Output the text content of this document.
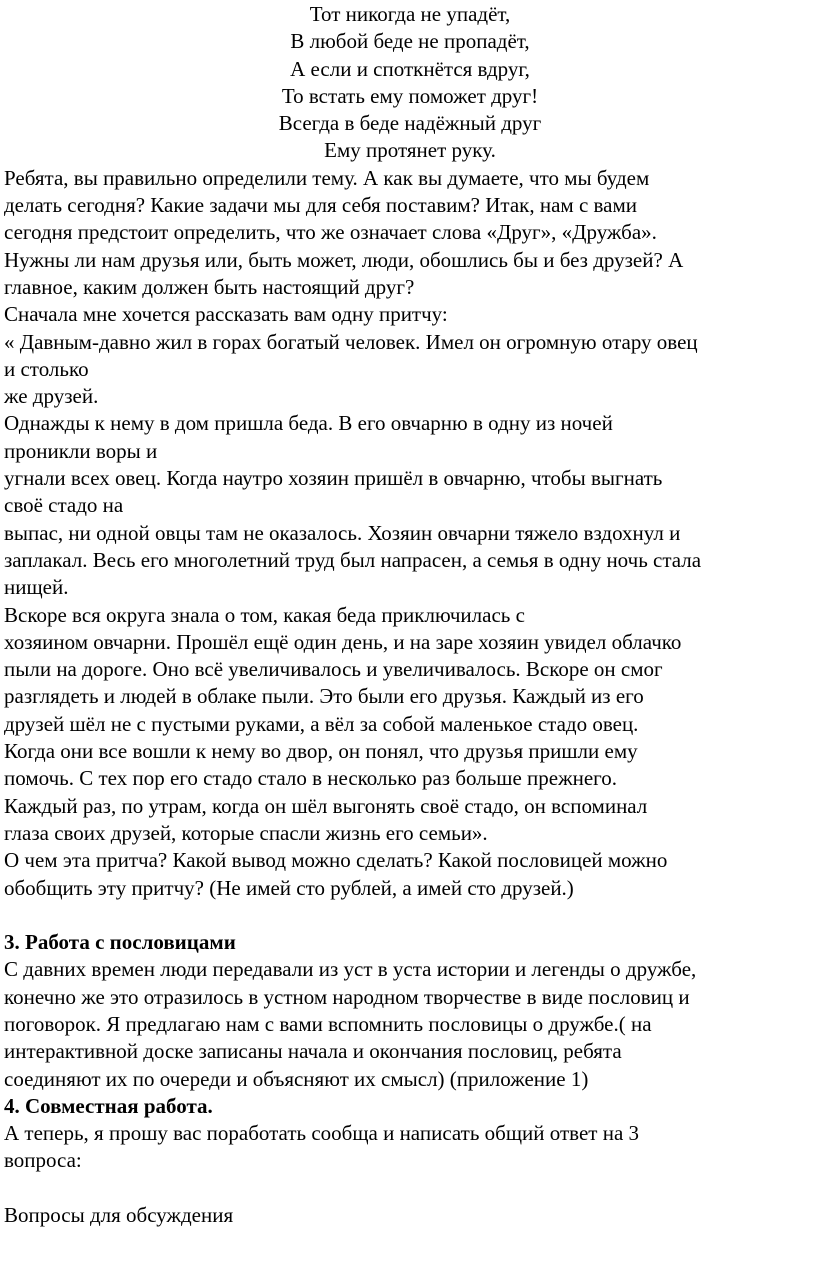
Тот никогда не упадёт,
В любой беде не пропадёт,
А если и споткнётся вдруг,
То встать ему поможет друг!
Всегда в беде надёжный друг
Ему протянет руку.
Ребята, вы правильно определили тему. А как вы думаете, что мы будем
делать сегодня? Какие задачи мы для себя поставим? Итак, нам с вами
сегодня предстоит определить, что же означает слова «Друг», «Дружба».
Нужны ли нам друзья или, быть может, люди, обошлись бы и без друзей? А
главное, каким должен быть настоящий друг?
Сначала мне хочется рассказать вам одну притчу:
« Давным-давно жил в горах богатый человек. Имел он огромную отару овец
и столько
же друзей.
Однажды к нему в дом пришла беда. В его овчарню в одну из ночей
проникли воры и
угнали всех овец. Когда наутро хозяин пришёл в овчарню, чтобы выгнать
своё стадо на
выпас, ни одной овцы там не оказалось. Хозяин овчарни тяжело вздохнул и
заплакал. Весь его многолетний труд был напрасен, а семья в одну ночь стала
нищей.
Вскоре вся округа знала о том, какая беда приключилась с
хозяином овчарни. Прошёл ещё один день, и на заре хозяин увидел облачко
пыли на дороге. Оно всё увеличивалось и увеличивалось. Вскоре он смог
разглядеть и людей в облаке пыли. Это были его друзья. Каждый из его
друзей шёл не с пустыми руками, а вёл за собой маленькое стадо овец.
Когда они все вошли к нему во двор, он понял, что друзья пришли ему
помочь. С тех пор его стадо стало в несколько раз больше прежнего.
Каждый раз, по утрам, когда он шёл выгонять своё стадо, он вспоминал
глаза своих друзей, которые спасли жизнь его семьи».
О чем эта притча? Какой вывод можно сделать? Какой пословицей можно
обобщить эту притчу? (Не имей сто рублей, а имей сто друзей.)
3. Работа с пословицами
С давних времен люди передавали из уст в уста истории и легенды о дружбе,
конечно же это отразилось в устном народном творчестве в виде пословиц и
поговорок. Я предлагаю нам с вами вспомнить пословицы о дружбе.( на
интерактивной доске записаны начала и окончания пословиц, ребята
соединяют их по очереди и объясняют их смысл) (приложение 1)
4. Совместная работа.
А теперь, я прошу вас поработать сообща и написать общий ответ на 3
вопроса:
Вопросы для обсуждения
